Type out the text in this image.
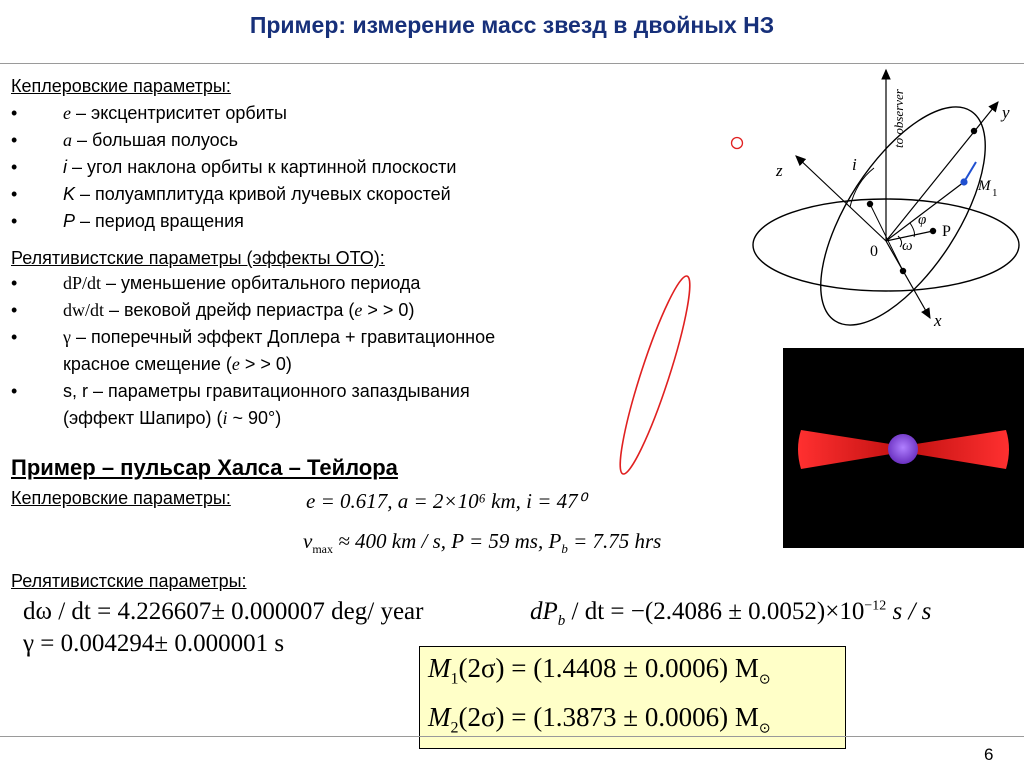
Пример: измерение масс звезд в двойных НЗ
Кеплеровские параметры:
•	e – эксцентриситет орбиты
•	a – большая полуось
•	i – угол наклона орбиты к картинной плоскости
•	K – полуамплитуда кривой лучевых скоростей
•	P – период вращения
Релятивистские параметры (эффекты ОТО):
•	dP/dt – уменьшение орбитального периода
•	dw/dt – вековой дрейф периастра (e > > 0)
•	γ – поперечный эффект Доплера + гравитационное
красное смещение (e > > 0)
•	s, r – параметры гравитационного запаздывания
(эффект Шапиро) (i ~ 90°)
to observer	y
z
x
i
M 1
φ
ω
P
0
Пример – пульсар Халса – Тейлора
Кеплеровские параметры:	e = 0.617, a = 2×10⁶ km, i = 47⁰
$v_{max} \approx 400$ km / s, P = 59 ms, $P_b = 7.75$ hrs
Релятивистские параметры:
dω / dt = 4.226607± 0.000007 deg/ year	$dP_b$ / dt = $-(2.4086 \pm 0.0052)\times 10^{-12}$ s / s
γ = 0.004294± 0.000001 s
$M_1(2\sigma) = (1.4408 \pm 0.0006)$ $M_⊙$
$M_2(2\sigma) = (1.3873 \pm 0.0006)$ $M_⊙$
6
